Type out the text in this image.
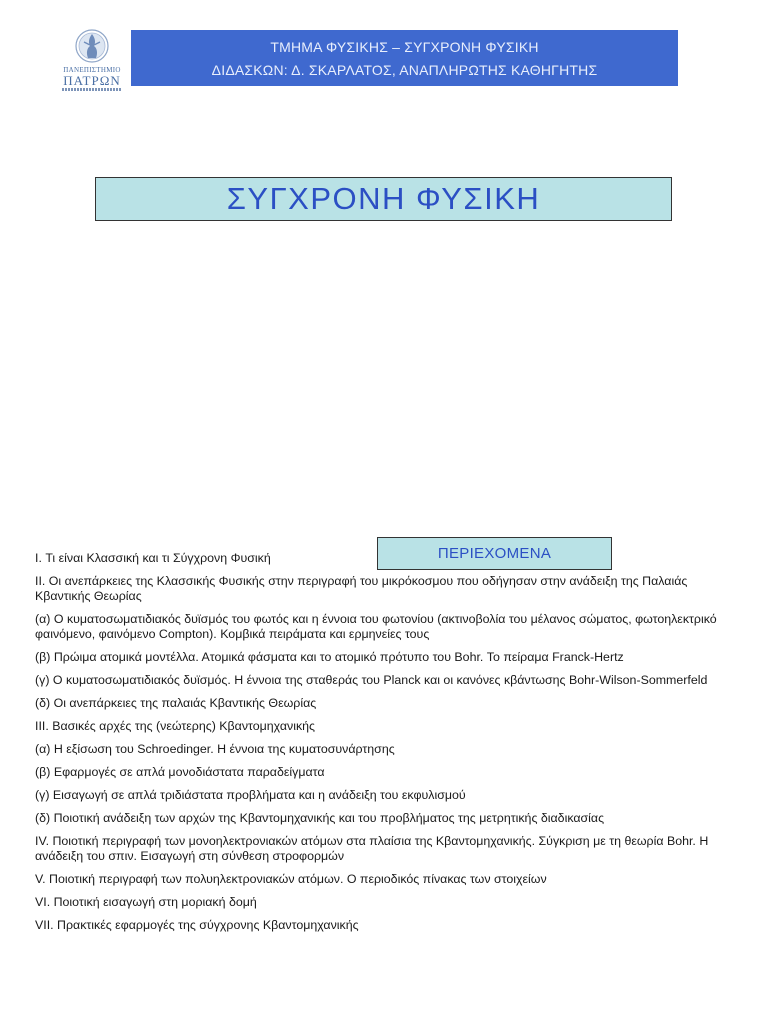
ΠΑΝΕΠΙΣΤΗΜΙΟ
ΠΑΤΡΩΝ
ΤΜΗΜΑ ΦΥΣΙΚΗΣ – ΣΥΓΧΡΟΝΗ ΦΥΣΙΚΗ
ΔΙΔΑΣΚΩΝ: Δ. ΣΚΑΡΛΑΤΟΣ, ΑΝΑΠΛΗΡΩΤΗΣ ΚΑΘΗΓΗΤΗΣ
ΣΥΓΧΡΟΝΗ ΦΥΣΙΚΗ
ΠΕΡΙΕΧΟΜΕΝΑ
I. Τι είναι Κλασσική και τι Σύγχρονη Φυσική
II. Οι ανεπάρκειες της Κλασσικής Φυσικής στην περιγραφή του μικρόκοσμου που οδήγησαν στην ανάδειξη της Παλαιάς Κβαντικής Θεωρίας
(α) Ο κυματοσωματιδιακός δυϊσμός του φωτός και η έννοια του φωτονίου (ακτινοβολία του μέλανος σώματος, φωτοηλεκτρικό φαινόμενο, φαινόμενο Compton). Κομβικά πειράματα και ερμηνείες τους
(β) Πρώιμα ατομικά μοντέλλα. Ατομικά φάσματα και το ατομικό πρότυπο του Bohr. Το πείραμα Franck-Hertz
(γ) Ο κυματοσωματιδιακός δυϊσμός. Η έννοια της σταθεράς του Planck και οι κανόνες κβάντωσης Bohr-Wilson-Sommerfeld
(δ) Οι ανεπάρκειες της παλαιάς Κβαντικής Θεωρίας
III. Βασικές αρχές της (νεώτερης) Κβαντομηχανικής
(α) Η εξίσωση του Schroedinger. Η έννοια της κυματοσυνάρτησης
(β) Εφαρμογές σε απλά μονοδιάστατα παραδείγματα
(γ) Εισαγωγή σε απλά τριδιάστατα προβλήματα και η ανάδειξη του εκφυλισμού
(δ) Ποιοτική ανάδειξη των αρχών της Κβαντομηχανικής και του προβλήματος της μετρητικής διαδικασίας
IV. Ποιοτική περιγραφή των μονοηλεκτρονιακών ατόμων στα πλαίσια της Κβαντομηχανικής. Σύγκριση με τη θεωρία Bohr. Η ανάδειξη του σπιν. Εισαγωγή στη σύνθεση στροφορμών
V. Ποιοτική περιγραφή των πολυηλεκτρονιακών ατόμων. Ο περιοδικός πίνακας των στοιχείων
VI. Ποιοτική εισαγωγή στη μοριακή δομή
VII. Πρακτικές εφαρμογές της σύγχρονης Κβαντομηχανικής
